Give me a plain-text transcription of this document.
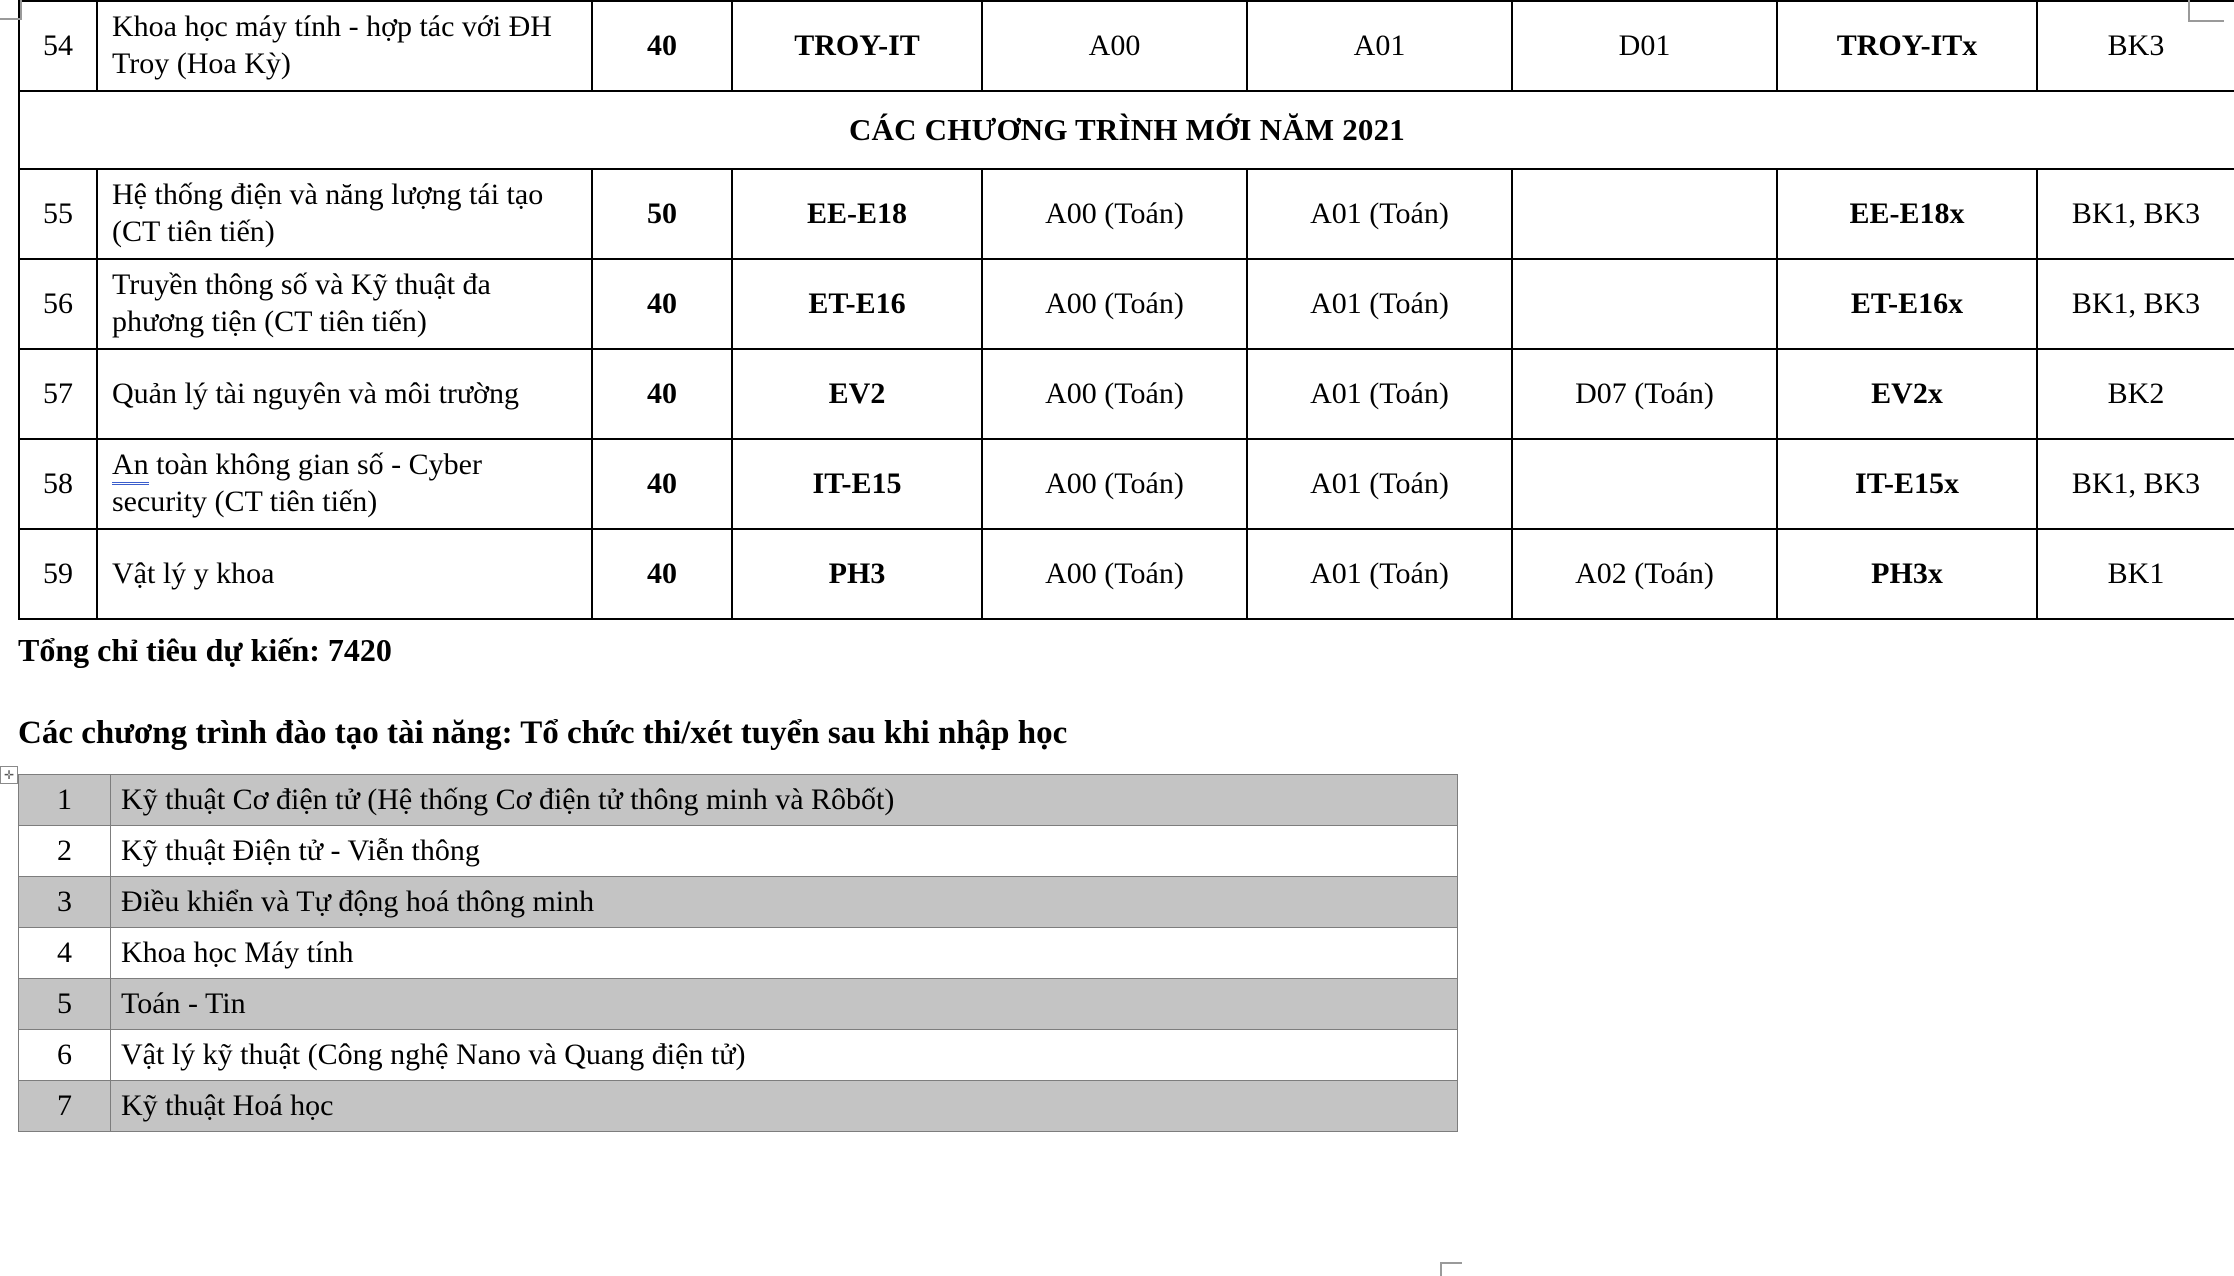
54	Khoa học máy tính - hợp tác với ĐH Troy (Hoa Kỳ)	40	TROY-IT	A00	A01	D01	TROY-ITx	BK3
CÁC CHƯƠNG TRÌNH MỚI NĂM 2021								
55	Hệ thống điện và năng lượng tái tạo (CT tiên tiến)	50	EE-E18	A00 (Toán)	A01 (Toán)		EE-E18x	BK1, BK3
56	Truyền thông số và Kỹ thuật đa phương tiện (CT tiên tiến)	40	ET-E16	A00 (Toán)	A01 (Toán)		ET-E16x	BK1, BK3
57	Quản lý tài nguyên và môi trường	40	EV2	A00 (Toán)	A01 (Toán)	D07 (Toán)	EV2x	BK2
58	An toàn không gian số - Cyber security (CT tiên tiến)	40	IT-E15	A00 (Toán)	A01 (Toán)		IT-E15x	BK1, BK3
59	Vật lý y khoa	40	PH3	A00 (Toán)	A01 (Toán)	A02 (Toán)	PH3x	BK1
Tổng chỉ tiêu dự kiến: 7420
Các chương trình đào tạo tài năng: Tổ chức thi/xét tuyển sau khi nhập học
✛
1	Kỹ thuật Cơ điện tử (Hệ thống Cơ điện tử thông minh và Rôbốt)
2	Kỹ thuật Điện tử - Viễn thông
3	Điều khiển và Tự động hoá thông minh
4	Khoa học Máy tính
5	Toán - Tin
6	Vật lý kỹ thuật (Công nghệ Nano và Quang điện tử)
7	Kỹ thuật Hoá học
